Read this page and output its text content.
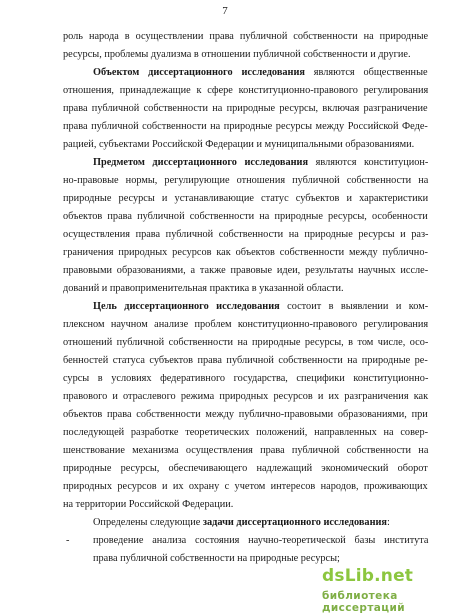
7
роль народа в осуществлении права публичной собственности на природные
ресурсы, проблемы дуализма в отношении публичной собственности и другие.
Объектом диссертационного исследования являются общественные
отношения, принадлежащие к сфере конституционно-правового регулирования
права публичной собственности на природные ресурсы, включая разграничение
права публичной собственности на природные ресурсы между Российской Феде-
рацией, субъектами Российской Федерации и муниципальными образованиями.
Предметом диссертационного исследования являются конституцион-
но-правовые нормы, регулирующие отношения публичной собственности на
природные ресурсы и устанавливающие статус субъектов и характеристики
объектов права публичной собственности на природные ресурсы, особенности
осуществления права публичной собственности на природные ресурсы и раз-
граничения природных ресурсов как объектов собственности между публично-
правовыми образованиями, а также правовые идеи, результаты научных иссле-
дований и правоприменительная практика в указанной области.
Цель диссертационного исследования состоит в выявлении и ком-
плексном научном анализе проблем конституционно-правового регулирования
отношений публичной собственности на природные ресурсы, в том числе, осо-
бенностей статуса субъектов права публичной собственности на природные ре-
сурсы в условиях федеративного государства, специфики конституционно-
правового и отраслевого режима природных ресурсов и их разграничения как
объектов права собственности между публично-правовыми образованиями, при
последующей разработке теоретических положений, направленных на совер-
шенствование механизма осуществления права публичной собственности на
природные ресурсы, обеспечивающего надлежащий экономический оборот
природных ресурсов и их охрану с учетом интересов народов, проживающих
на территории Российской Федерации.
Определены следующие задачи диссертационного исследования:
- проведение анализа состояния научно-теоретической базы института
права публичной собственности на природные ресурсы;
dsLib.net
библиотека диссертаций
